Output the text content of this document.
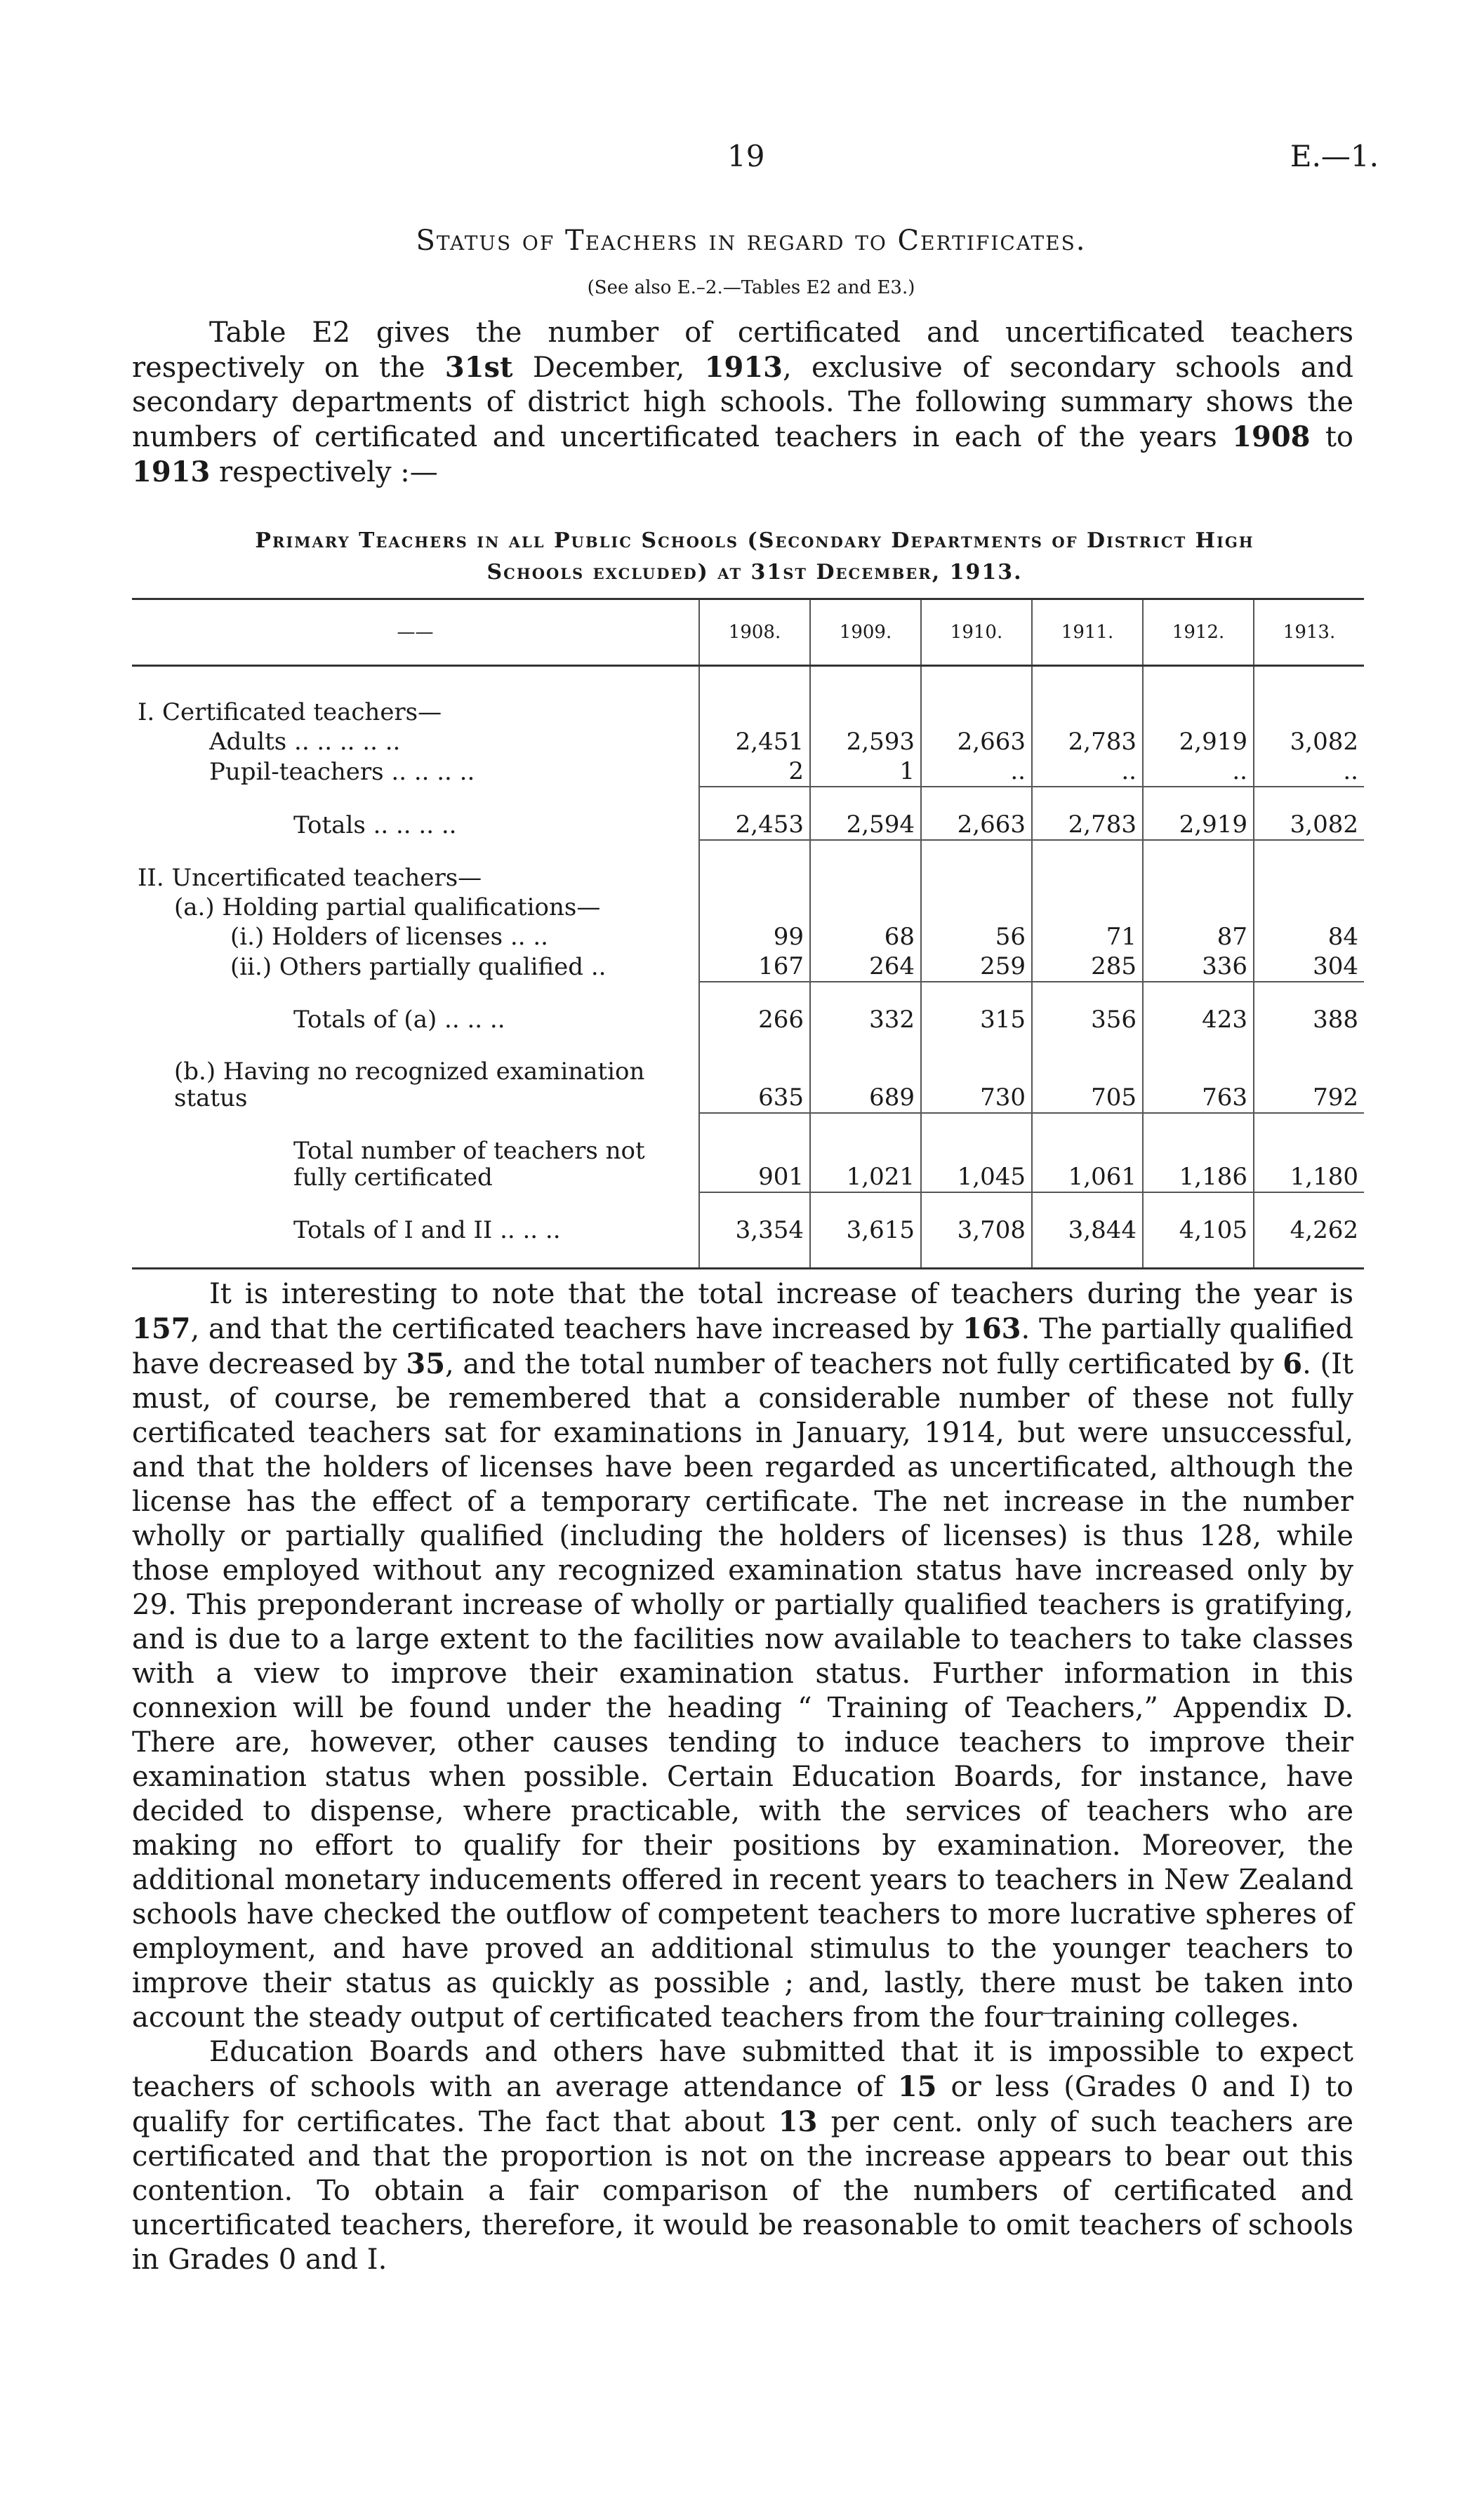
19	E.—1.
Status of Teachers in regard to Certificates.
(See also E.–2.—Tables E2 and E3.)

Table E2 gives the number of certificated and uncertificated teachers respectively on the 31st December, 1913, exclusive of secondary schools and secondary departments of district high schools. The following summary shows the numbers of certificated and uncertificated teachers in each of the years 1908 to 1913 respectively :—

Primary Teachers in all Public Schools (Secondary Departments of District High
Schools excluded) at 31st December, 1913.
——	1908.	1909.	1910.	1911.	1912.	1913.

I. Certificated teachers—						
Adults .. .. .. .. ..	2,451	2,593	2,663	2,783	2,919	3,082
Pupil-teachers .. .. .. ..	2	1	..	..	..	..

Totals .. .. .. ..	2,453	2,594	2,663	2,783	2,919	3,082

II. Uncertificated teachers—						
(a.) Holding partial qualifications—						
(i.) Holders of licenses .. ..	99	68	56	71	87	84
(ii.) Others partially qualified ..	167	264	259	285	336	304

Totals of (a) .. .. ..	266	332	315	356	423	388

(b.) Having no recognized examination status	635	689	730	705	763	792

Total number of teachers not fully certificated	901	1,021	1,045	1,061	1,186	1,180

Totals of I and II .. .. ..	3,354	3,615	3,708	3,844	4,105	4,262

It is interesting to note that the total increase of teachers during the year is 157, and that the certificated teachers have increased by 163. The partially qualified have decreased by 35, and the total number of teachers not fully certificated by 6. (It must, of course, be remembered that a considerable number of these not fully certificated teachers sat for examinations in January, 1914, but were unsuccessful, and that the holders of licenses have been regarded as uncertificated, although the license has the effect of a temporary certificate. The net increase in the number wholly or partially qualified (including the holders of licenses) is thus 128, while those employed without any recognized examination status have increased only by 29. This preponderant increase of wholly or partially qualified teachers is gratifying, and is due to a large extent to the facilities now available to teachers to take classes with a view to improve their examination status. Further information in this connexion will be found under the heading “ Training of Teachers,” Appendix D. There are, however, other causes tending to induce teachers to improve their examination status when possible. Certain Education Boards, for instance, have decided to dispense, where practicable, with the services of teachers who are making no effort to qualify for their positions by examination. Moreover, the additional monetary inducements offered in recent years to teachers in New Zealand schools have checked the outflow of competent teachers to more lucrative spheres of employment, and have proved an additional stimulus to the younger teachers to improve their status as quickly as possible ; and, lastly, there must be taken into account the steady output of certificated teachers from the four training colleges.

Education Boards and others have submitted that it is impossible to expect teachers of schools with an average attendance of 15 or less (Grades 0 and I) to qualify for certificates. The fact that about 13 per cent. only of such teachers are certificated and that the proportion is not on the increase appears to bear out this contention. To obtain a fair comparison of the numbers of certificated and uncertificated teachers, therefore, it would be reasonable to omit teachers of schools in Grades 0 and I.
